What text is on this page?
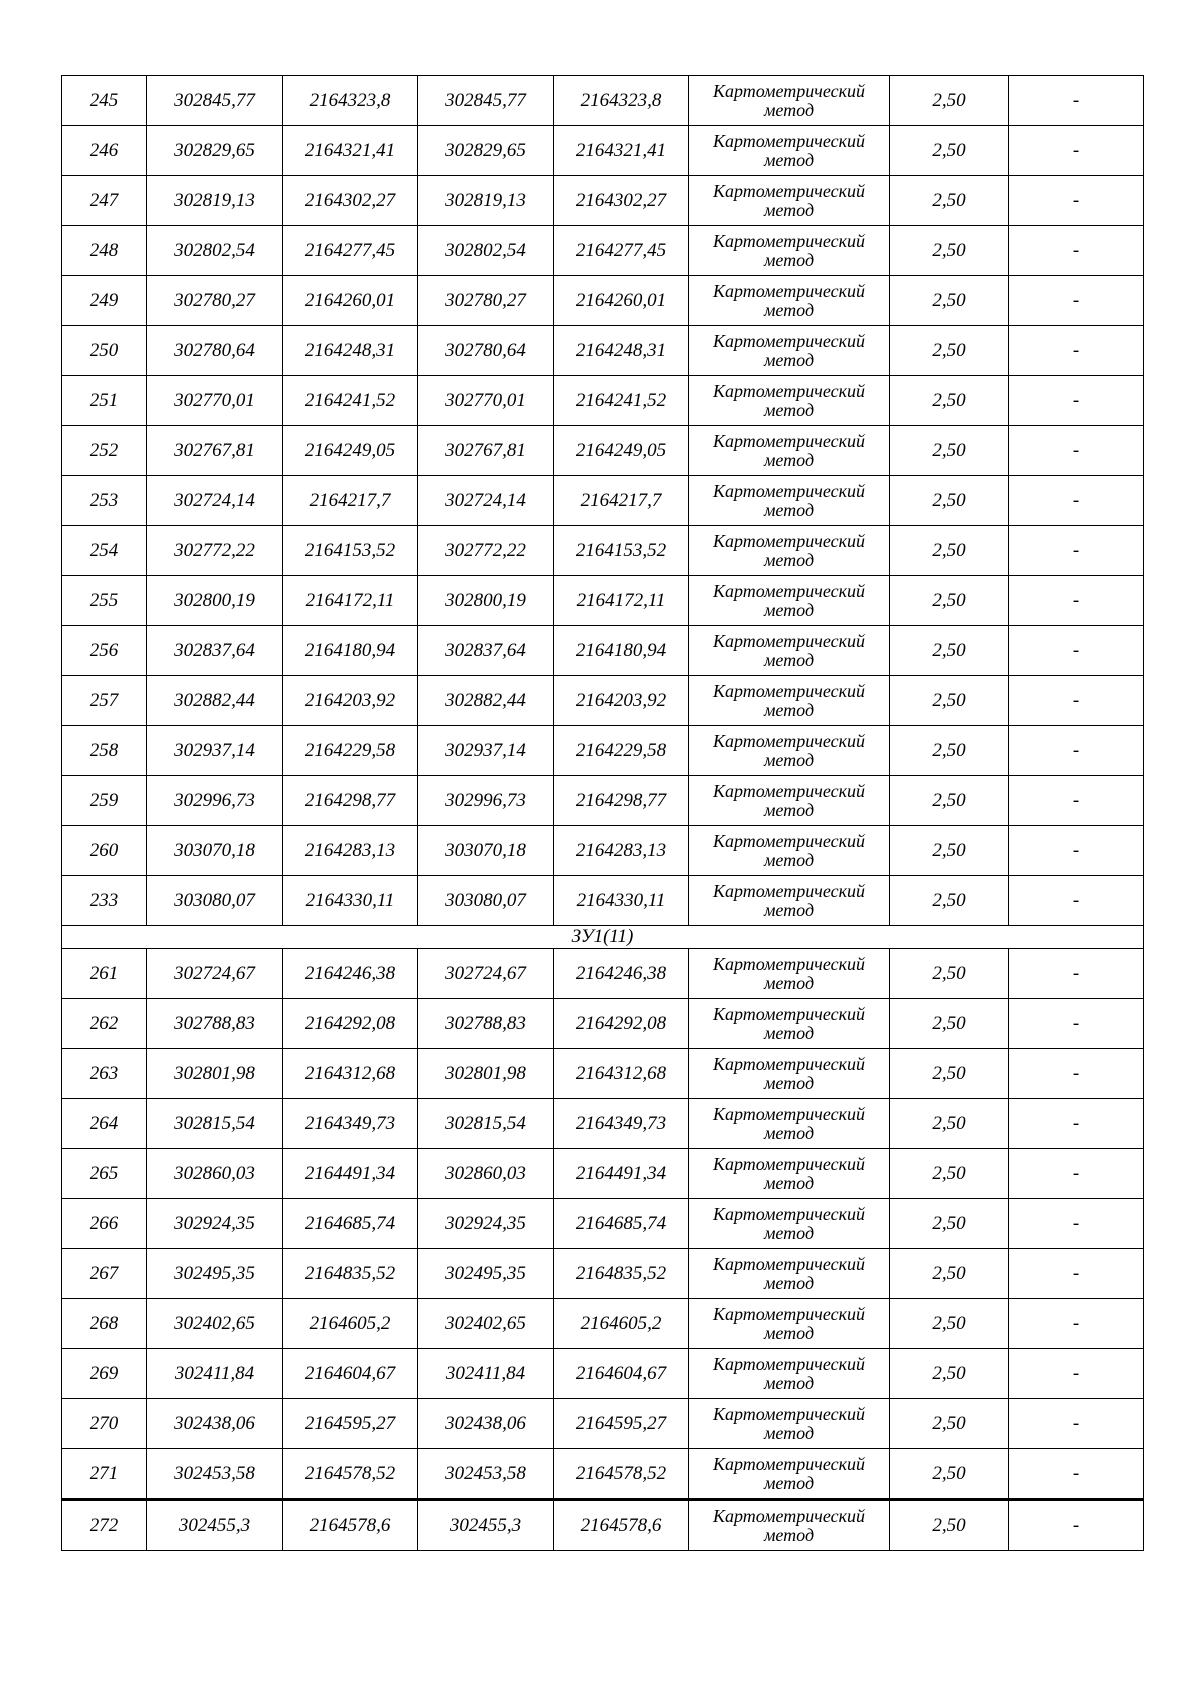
245	302845,77	2164323,8	302845,77	2164323,8	Картометрический метод	2,50	-
246	302829,65	2164321,41	302829,65	2164321,41	Картометрический метод	2,50	-
247	302819,13	2164302,27	302819,13	2164302,27	Картометрический метод	2,50	-
248	302802,54	2164277,45	302802,54	2164277,45	Картометрический метод	2,50	-
249	302780,27	2164260,01	302780,27	2164260,01	Картометрический метод	2,50	-
250	302780,64	2164248,31	302780,64	2164248,31	Картометрический метод	2,50	-
251	302770,01	2164241,52	302770,01	2164241,52	Картометрический метод	2,50	-
252	302767,81	2164249,05	302767,81	2164249,05	Картометрический метод	2,50	-
253	302724,14	2164217,7	302724,14	2164217,7	Картометрический метод	2,50	-
254	302772,22	2164153,52	302772,22	2164153,52	Картометрический метод	2,50	-
255	302800,19	2164172,11	302800,19	2164172,11	Картометрический метод	2,50	-
256	302837,64	2164180,94	302837,64	2164180,94	Картометрический метод	2,50	-
257	302882,44	2164203,92	302882,44	2164203,92	Картометрический метод	2,50	-
258	302937,14	2164229,58	302937,14	2164229,58	Картометрический метод	2,50	-
259	302996,73	2164298,77	302996,73	2164298,77	Картометрический метод	2,50	-
260	303070,18	2164283,13	303070,18	2164283,13	Картометрический метод	2,50	-
233	303080,07	2164330,11	303080,07	2164330,11	Картометрический метод	2,50	-
ЗУ1(11)							
261	302724,67	2164246,38	302724,67	2164246,38	Картометрический метод	2,50	-
262	302788,83	2164292,08	302788,83	2164292,08	Картометрический метод	2,50	-
263	302801,98	2164312,68	302801,98	2164312,68	Картометрический метод	2,50	-
264	302815,54	2164349,73	302815,54	2164349,73	Картометрический метод	2,50	-
265	302860,03	2164491,34	302860,03	2164491,34	Картометрический метод	2,50	-
266	302924,35	2164685,74	302924,35	2164685,74	Картометрический метод	2,50	-
267	302495,35	2164835,52	302495,35	2164835,52	Картометрический метод	2,50	-
268	302402,65	2164605,2	302402,65	2164605,2	Картометрический метод	2,50	-
269	302411,84	2164604,67	302411,84	2164604,67	Картометрический метод	2,50	-
270	302438,06	2164595,27	302438,06	2164595,27	Картометрический метод	2,50	-
271	302453,58	2164578,52	302453,58	2164578,52	Картометрический метод	2,50	-
272	302455,3	2164578,6	302455,3	2164578,6	Картометрический метод	2,50	-
